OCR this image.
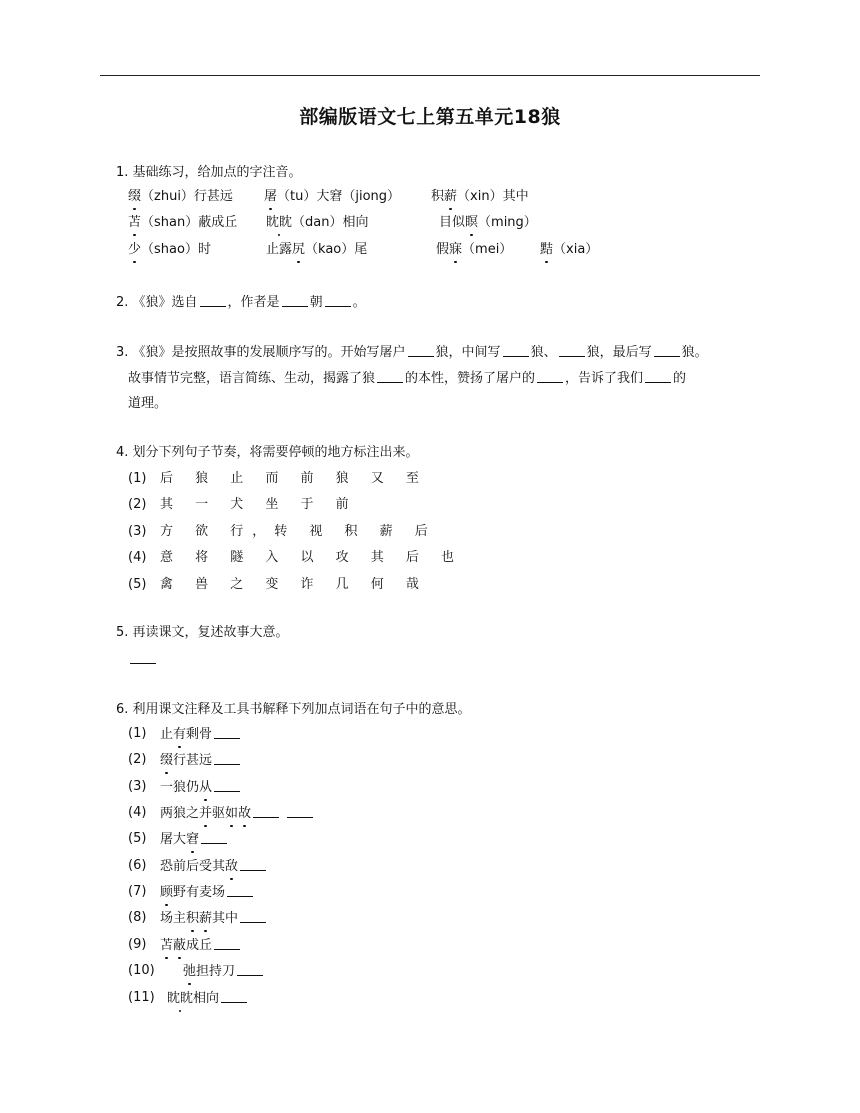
部编版语文七上第五单元18狼
1. 基础练习，给加点的字注音。
缀（zhui）行甚远 屠（tu）大窘（jiong） 积薪（xin）其中
苫（shan）蔽成丘 眈眈（dan）相向	目似瞑（ming）
少（shao）时	止露尻（kao）尾	假寐（mei） 黠（xia）
2. 《狼》选自 ，作者是 朝 。
3. 《狼》是按照故事的发展顺序写的。开始写屠户 狼，中间写 狼、 狼，最后写 狼。
故事情节完整，语言简练、生动，揭露了狼 的本性，赞扬了屠户的 ，告诉了我们 的
道理。
4. 划分下列句子节奏，将需要停顿的地方标注出来。
(1) 后 狼 止 而 前 狼 又 至
(2) 其 一 犬 坐 于 前
(3) 方 欲 行，转 视 积 薪 后
(4) 意 将 隧 入 以 攻 其 后 也
(5) 禽 兽 之 变 诈 几 何 哉
5. 再读课文，复述故事大意。
6. 利用课文注释及工具书解释下列加点词语在句子中的意思。
(1) 止有剩骨
(2) 缀行甚远
(3) 一狼仍从
(4) 两狼之并驱如故
(5) 屠大窘
(6) 恐前后受其敌
(7) 顾野有麦场
(8) 场主积薪其中
(9) 苫蔽成丘
(10) 弛担持刀
(11) 眈眈相向
